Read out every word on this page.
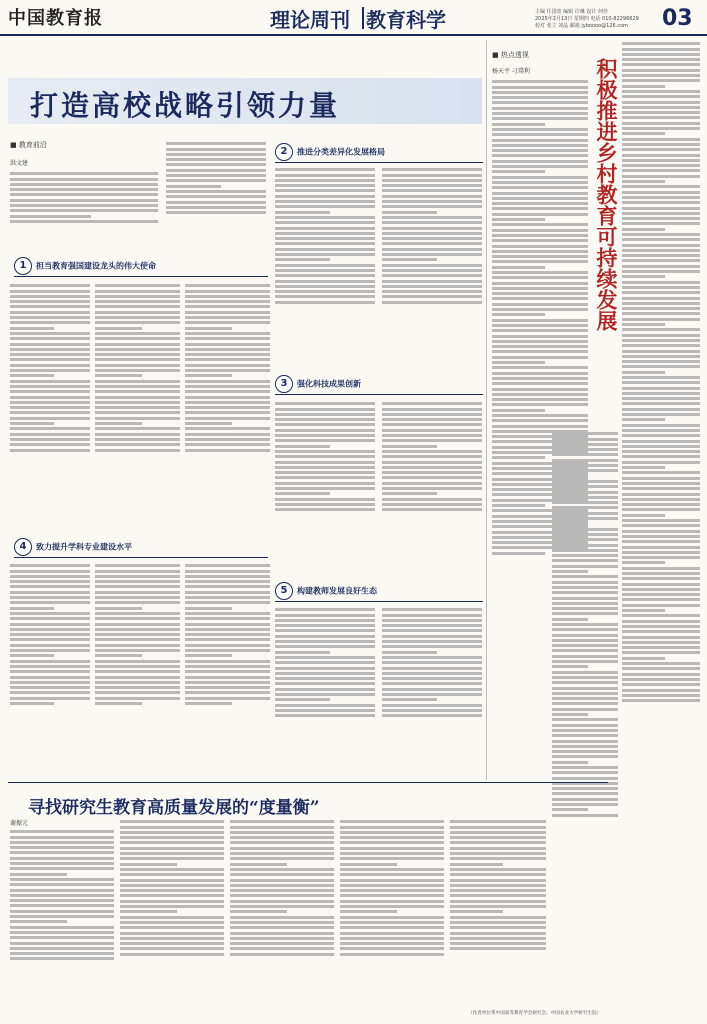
中国教育报	理论周刊 教育科学	主编 任国宽 编辑 许琳 设计 何佳
2025年2月13日 星期四 电话 010-82296629
校对 张立 刘晶 邮箱 jyboooo@126.com 03
打造高校战略引领力量
■ 教育前沿
洪文建
1 担当教育强国建设龙头的伟大使命
2 推进分类差异化发展格局
3 强化科技成果创新
4 致力提升学科专业建设水平
5 构建教师发展良好生态
■ 热点透视
杨天平 刁璞利	积极推进乡村教育可持续发展
寻找研究生教育高质量发展的“度量衡”
谢振元
（作者单位系中国高等教育学会研究会、中国农业大学研究生院）
